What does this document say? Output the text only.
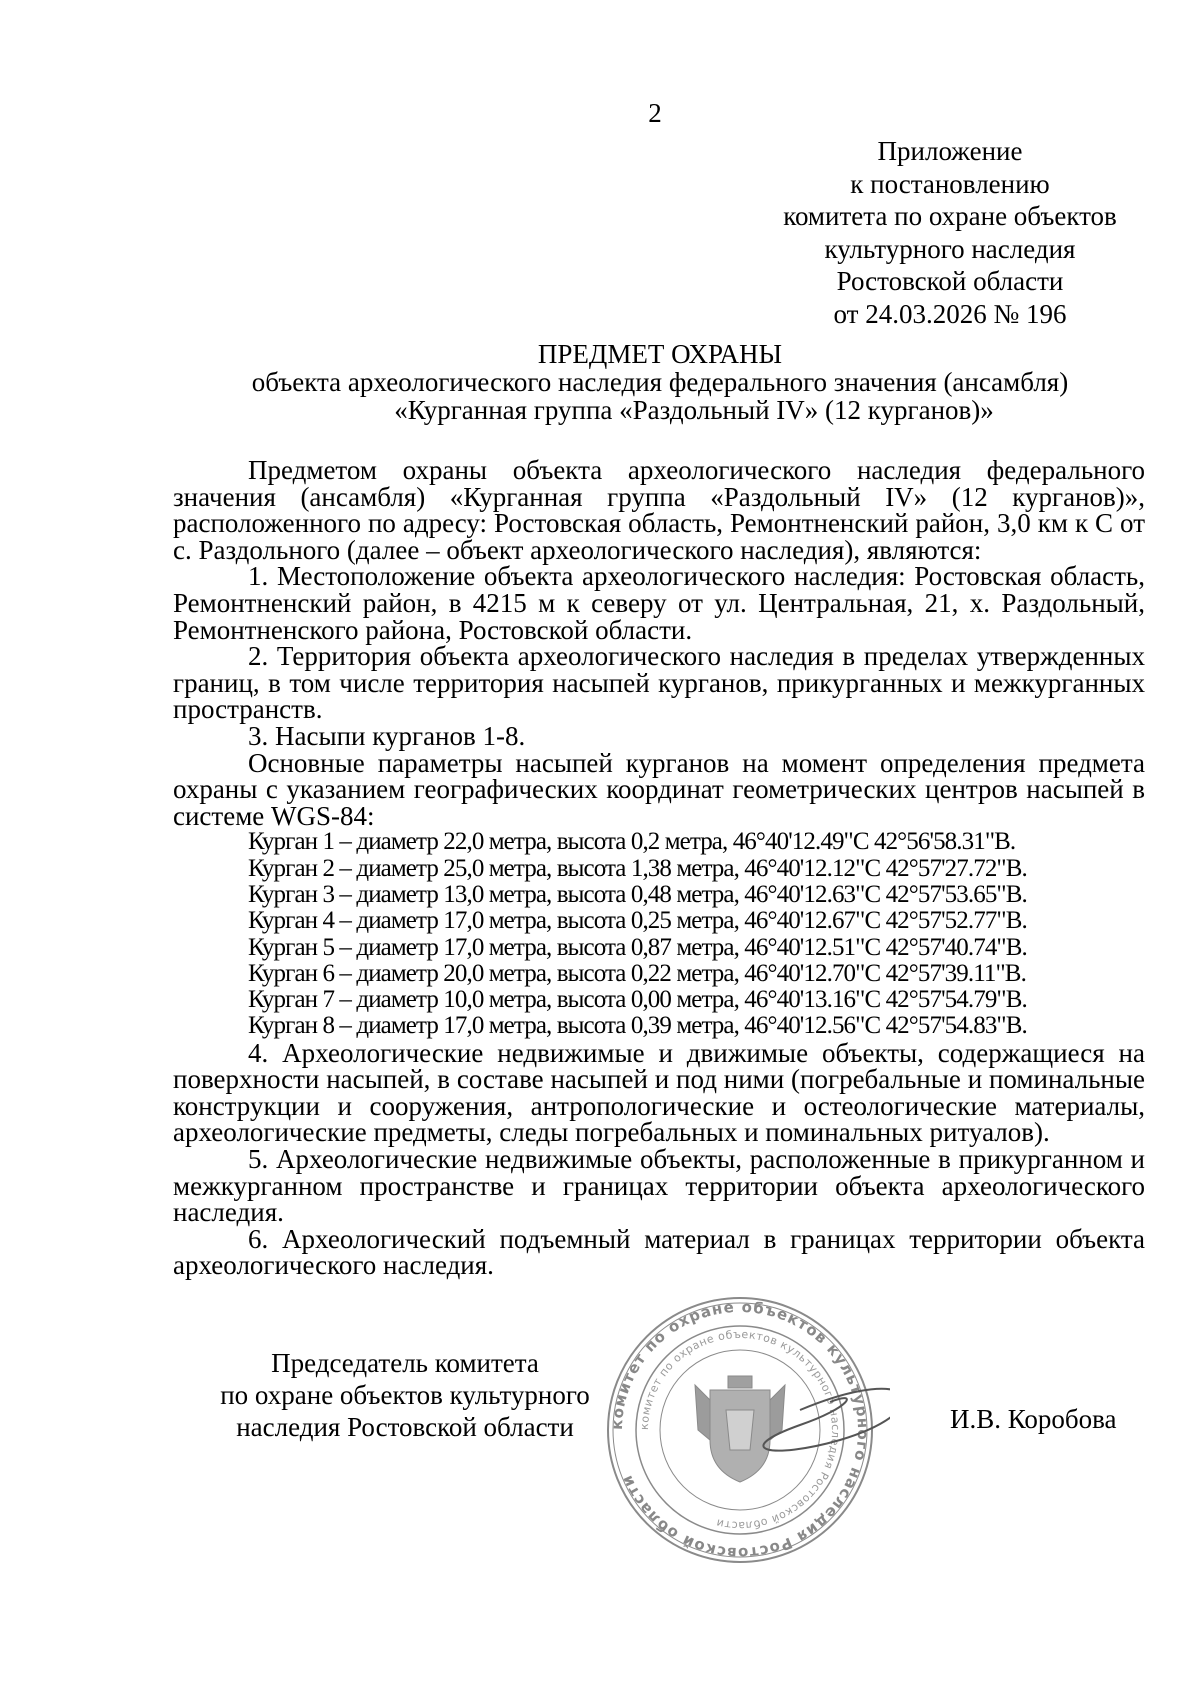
2
Приложение
к постановлению
комитета по охране объектов
культурного наследия
Ростовской области
от 24.03.2026 № 196
ПРЕДМЕТ ОХРАНЫ
объекта археологического наследия федерального значения (ансамбля)
«Курганная группа «Раздольный IV» (12 курганов)»

Предметом охраны объекта археологического наследия федерального значения (ансамбля) «Курганная группа «Раздольный IV» (12 курганов)», расположенного по адресу: Ростовская область, Ремонтненский район, 3,0 км к С от с. Раздольного (далее – объект археологического наследия), являются:

1. Местоположение объекта археологического наследия: Ростовская область, Ремонтненский район, в 4215 м к северу от ул. Центральная, 21, х. Раздольный, Ремонтненского района, Ростовской области.

2. Территория объекта археологического наследия в пределах утвержденных границ, в том числе территория насыпей курганов, прикурганных и межкурганных пространств.

3. Насыпи курганов 1-8.

Основные параметры насыпей курганов на момент определения предмета охраны с указанием географических координат геометрических центров насыпей в системе WGS-84:

Курган 1 – диаметр 22,0 метра, высота 0,2 метра, 46°40'12.49"С 42°56'58.31"В.
Курган 2 – диаметр 25,0 метра, высота 1,38 метра, 46°40'12.12"С 42°57'27.72"В.
Курган 3 – диаметр 13,0 метра, высота 0,48 метра, 46°40'12.63"С 42°57'53.65"В.
Курган 4 – диаметр 17,0 метра, высота 0,25 метра, 46°40'12.67"С 42°57'52.77"В.
Курган 5 – диаметр 17,0 метра, высота 0,87 метра, 46°40'12.51"С 42°57'40.74"В.
Курган 6 – диаметр 20,0 метра, высота 0,22 метра, 46°40'12.70"С 42°57'39.11"В.
Курган 7 – диаметр 10,0 метра, высота 0,00 метра, 46°40'13.16"С 42°57'54.79"В.
Курган 8 – диаметр 17,0 метра, высота 0,39 метра, 46°40'12.56"С 42°57'54.83"В.

4. Археологические недвижимые и движимые объекты, содержащиеся на поверхности насыпей, в составе насыпей и под ними (погребальные и поминальные конструкции и сооружения, антропологические и остеологические материалы, археологические предметы, следы погребальных и поминальных ритуалов).

5. Археологические недвижимые объекты, расположенные в прикурганном и межкурганном пространстве и границах территории объекта археологического наследия.

6. Археологический подъемный материал в границах территории объекта археологического наследия.

Председатель комитета
по охране объектов культурного
наследия Ростовской области	комитет по охране объектов культурного наследия Ростовской области
комитет по охране объектов культурного наследия Ростовской области
И.В. Коробова
